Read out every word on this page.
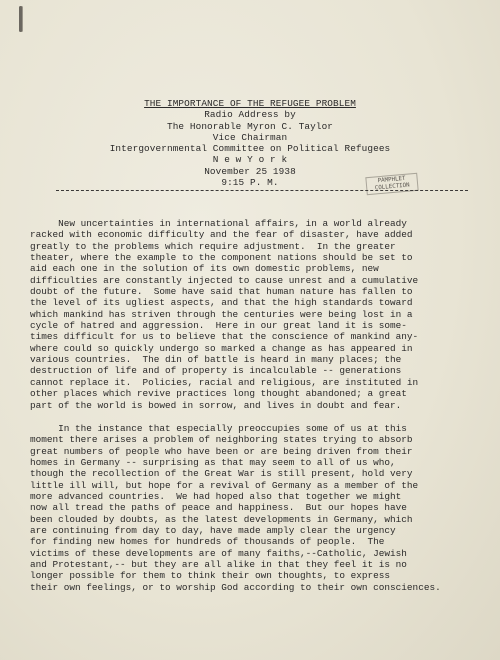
THE IMPORTANCE OF THE REFUGEE PROBLEM
Radio Address by
The Honorable Myron C. Taylor
Vice Chairman
Intergovernmental Committee on Political Refugees
N e w Y o r k
November 25 1938
9:15 P. M.	PAMPHLET
COLLECTION
New uncertainties in international affairs, in a world already
racked with economic difficulty and the fear of disaster, have added
greatly to the problems which require adjustment.  In the greater
theater, where the example to the component nations should be set to
aid each one in the solution of its own domestic problems, new
difficulties are constantly injected to cause unrest and a cumulative
doubt of the future.  Some have said that human nature has fallen to
the level of its ugliest aspects, and that the high standards toward
which mankind has striven through the centuries were being lost in a
cycle of hatred and aggression.  Here in our great land it is some-
times difficult for us to believe that the conscience of mankind any-
where could so quickly undergo so marked a change as has appeared in
various countries.  The din of battle is heard in many places; the
destruction of life and of property is incalculable -- generations
cannot replace it.  Policies, racial and religious, are instituted in
other places which revive practices long thought abandoned; a great
part of the world is bowed in sorrow, and lives in doubt and fear.
In the instance that especially preoccupies some of us at this
moment there arises a problem of neighboring states trying to absorb
great numbers of people who have been or are being driven from their
homes in Germany -- surprising as that may seem to all of us who,
though the recollection of the Great War is still present, hold very
little ill will, but hope for a revival of Germany as a member of the
more advanced countries.  We had hoped also that together we might
now all tread the paths of peace and happiness.  But our hopes have
been clouded by doubts, as the latest developments in Germany, which
are continuing from day to day, have made amply clear the urgency
for finding new homes for hundreds of thousands of people.  The
victims of these developments are of many faiths,--Catholic, Jewish
and Protestant,-- but they are all alike in that they feel it is no
longer possible for them to think their own thoughts, to express
their own feelings, or to worship God according to their own consciences.
